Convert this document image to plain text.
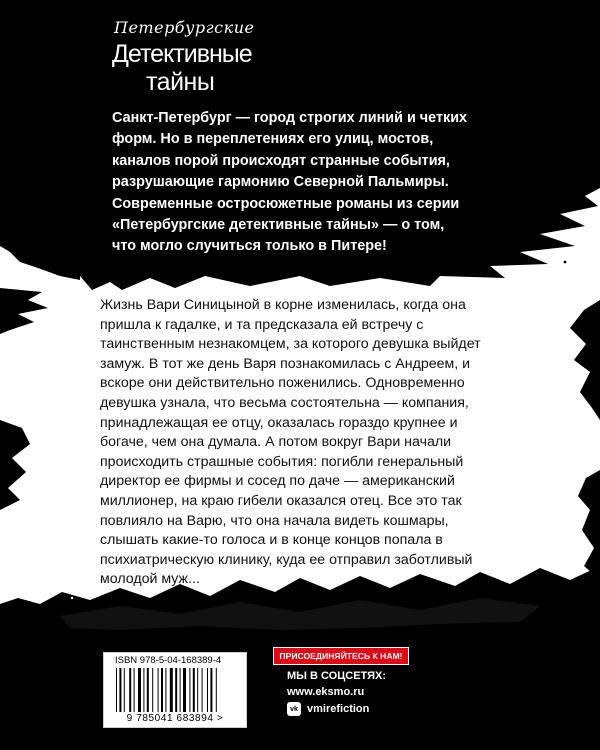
Петербургские
Детективные
тайны

Санкт-Петербург — город строгих линий и четких форм. Но в переплетениях его улиц, мостов, каналов порой происходят странные события, разрушающие гармонию Северной Пальмиры. Современные остросюжетные романы из серии «Петербургские детективные тайны» — о том, что могло случиться только в Питере!

Жизнь Вари Синицыной в корне изменилась, когда она пришла к гадалке, и та предсказала ей встречу с таинственным незнакомцем, за которого девушка выйдет замуж. В тот же день Варя познакомилась с Андреем, и вскоре они действительно поженились. Одновременно девушка узнала, что весьма состоятельна — компания, принадлежащая ее отцу, оказалась гораздо крупнее и богаче, чем она думала. А потом вокруг Вари начали происходить страшные события: погибли генеральный директор ее фирмы и сосед по даче — американский миллионер, на краю гибели оказался отец. Все это так повлияло на Варю, что она начала видеть кошмары, слышать какие-то голоса и в конце концов попала в психиатрическую клинику, куда ее отправил заботливый молодой муж...

ISBN 978-5-04-168389-4
9 785041 683894 >
ПРИСОЕДИНЯЙТЕСЬ К НАМ!
МЫ В СОЦСЕТЯХ:
www.eksmo.ru
vk vmirefiction
